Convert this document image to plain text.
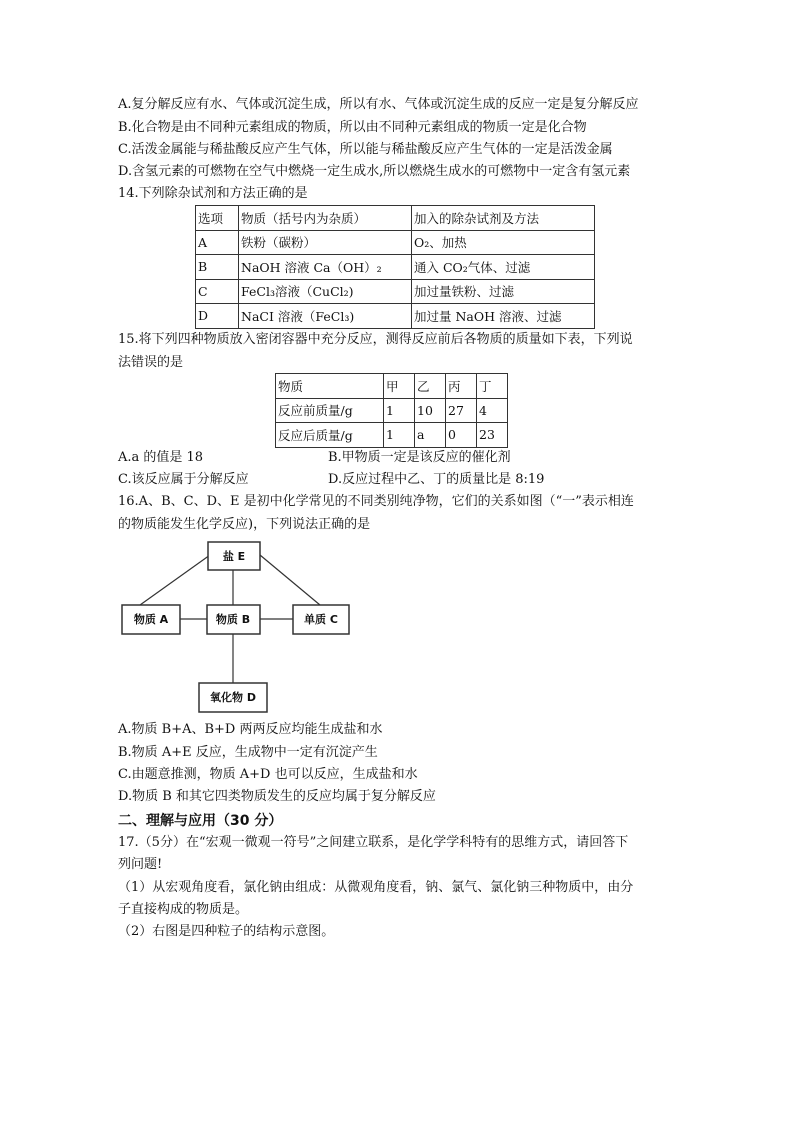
A.复分解反应有水、气体或沉淀生成，所以有水、气体或沉淀生成的反应一定是复分解反应
B.化合物是由不同种元素组成的物质，所以由不同种元素组成的物质一定是化合物
C.活泼金属能与稀盐酸反应产生气体，所以能与稀盐酸反应产生气体的一定是活泼金属
D.含氢元素的可燃物在空气中燃烧一定生成水,所以燃烧生成水的可燃物中一定含有氢元素
14.下列除杂试剂和方法正确的是
选项	物质（括号内为杂质）	加入的除杂试剂及方法
A	铁粉（碳粉）	O₂、加热
B	NaOH 溶液 Ca（OH）₂	通入 CO₂气体、过滤
C	FeCl₃溶液（CuCl₂)	加过量铁粉、过滤
D	NaCI 溶液（FeCl₃)	加过量 NaOH 溶液、过滤
15.将下列四种物质放入密闭容器中充分反应，测得反应前后各物质的质量如下表，下列说
法错误的是
物质	甲	乙	丙	丁
反应前质量/g	1	10	27	4
反应后质量/g	1	a	0	23
A.a 的值是 18	B.甲物质一定是该反应的催化剂
C.该反应属于分解反应	D.反应过程中乙、丁的质量比是 8:19
16.A、B、C、D、E 是初中化学常见的不同类别纯净物，它们的关系如图（“一”表示相连
的物质能发生化学反应)，下列说法正确的是
盐 E
物质 A	物质 B	单质 C
氧化物 D
A.物质 B+A、B+D 两两反应均能生成盐和水
B.物质 A+E 反应，生成物中一定有沉淀产生
C.由题意推测，物质 A+D 也可以反应，生成盐和水
D.物质 B 和其它四类物质发生的反应均属于复分解反应
二、理解与应用（30 分）
17.（5分）在“宏观一微观一符号”之间建立联系，是化学学科特有的思维方式，请回答下
列问题!
（1）从宏观角度看，氯化钠由组成：从微观角度看，钠、氯气、氯化钠三种物质中，由分
子直接构成的物质是。
（2）右图是四种粒子的结构示意图。
